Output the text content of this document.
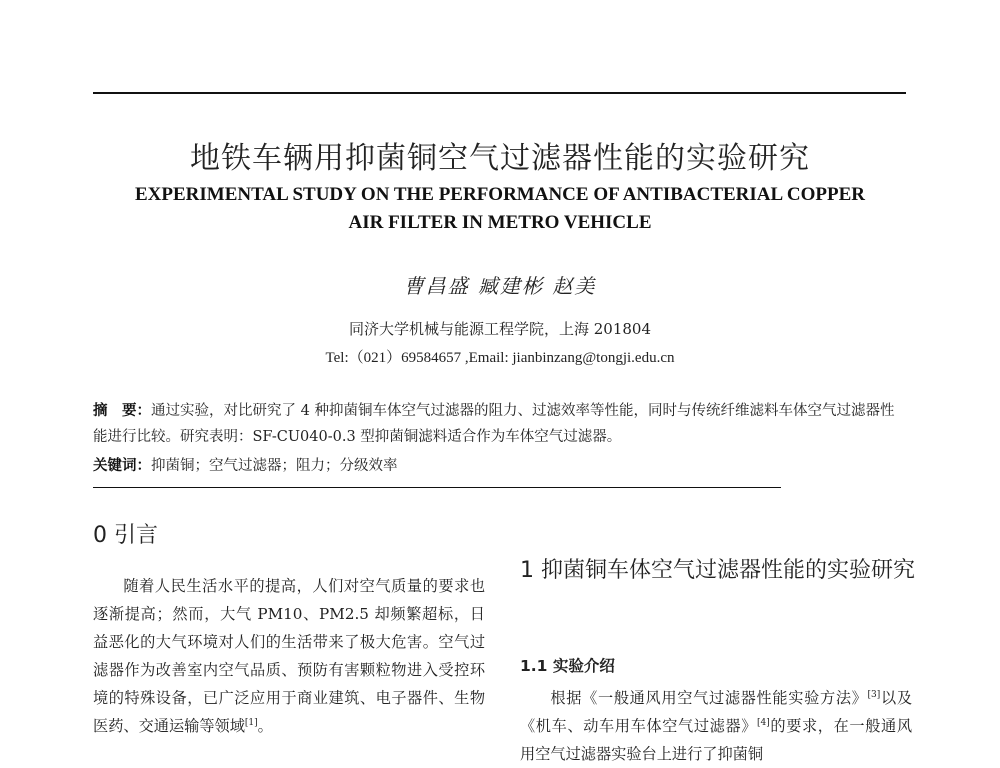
地铁车辆用抑菌铜空气过滤器性能的实验研究
EXPERIMENTAL STUDY ON THE PERFORMANCE OF ANTIBACTERIAL COPPER
AIR FILTER IN METRO VEHICLE
曹昌盛 臧建彬 赵美
同济大学机械与能源工程学院，上海 201804
Tel:（021）69584657 ,Email: jianbinzang@tongji.edu.cn
摘　要：通过实验，对比研究了 4 种抑菌铜车体空气过滤器的阻力、过滤效率等性能，同时与传统纤维滤料车体空气过滤器性能进行比较。研究表明：SF-CU040-0.3 型抑菌铜滤料适合作为车体空气过滤器。
关键词：抑菌铜；空气过滤器；阻力；分级效率
0 引言

随着人民生活水平的提高，人们对空气质量的要求也逐渐提高；然而，大气 PM10、PM2.5 却频繁超标，日益恶化的大气环境对人们的生活带来了极大危害。空气过滤器作为改善室内空气品质、预防有害颗粒物进入受控环境的特殊设备，已广泛应用于商业建筑、电子器件、生物医药、交通运输等领域[1]。

1 抑菌铜车体空气过滤器性能的实验研究
1.1 实验介绍

根据《一般通风用空气过滤器性能实验方法》[3]以及《机车、动车用车体空气过滤器》[4]的要求，在一般通风用空气过滤器实验台上进行了抑菌铜
